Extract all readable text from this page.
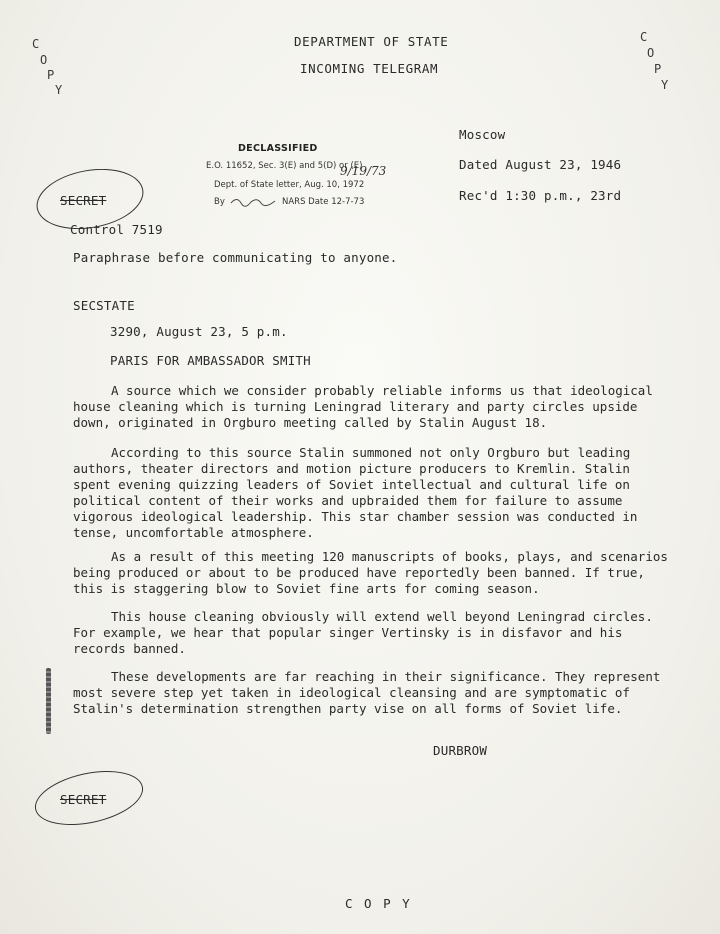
C
O
P
Y
C
O
P
Y
DEPARTMENT OF STATE
INCOMING TELEGRAM
DECLASSIFIED
E.O. 11652, Sec. 3(E) and 5(D) or (E)
Dept. of State letter, Aug. 10, 1972
9/19/73
By	NARS Date 12-7-73
SECRET
Moscow
Dated August 23, 1946
Rec'd 1:30 p.m., 23rd
Control 7519
Paraphrase before communicating to anyone.
SECSTATE
3290, August 23, 5 p.m.
PARIS FOR AMBASSADOR SMITH
A source which we consider probably reliable informs us that ideological house cleaning which is turning Leningrad literary and party circles upside down, originated in Orgburo meeting called by Stalin August 18.
According to this source Stalin summoned not only Orgburo but leading authors, theater directors and motion picture producers to Kremlin. Stalin spent evening quizzing leaders of Soviet intellectual and cultural life on political content of their works and upbraided them for failure to assume vigorous ideological leadership. This star chamber session was conducted in tense, uncomfortable atmosphere.
As a result of this meeting 120 manuscripts of books, plays, and scenarios being produced or about to be produced have reportedly been banned. If true, this is staggering blow to Soviet fine arts for coming season.
This house cleaning obviously will extend well beyond Leningrad circles. For example, we hear that popular singer Vertinsky is in disfavor and his records banned.
These developments are far reaching in their significance. They represent most severe step yet taken in ideological cleansing and are symptomatic of Stalin's determination strengthen party vise on all forms of Soviet life.
DURBROW
SECRET
C O P Y
